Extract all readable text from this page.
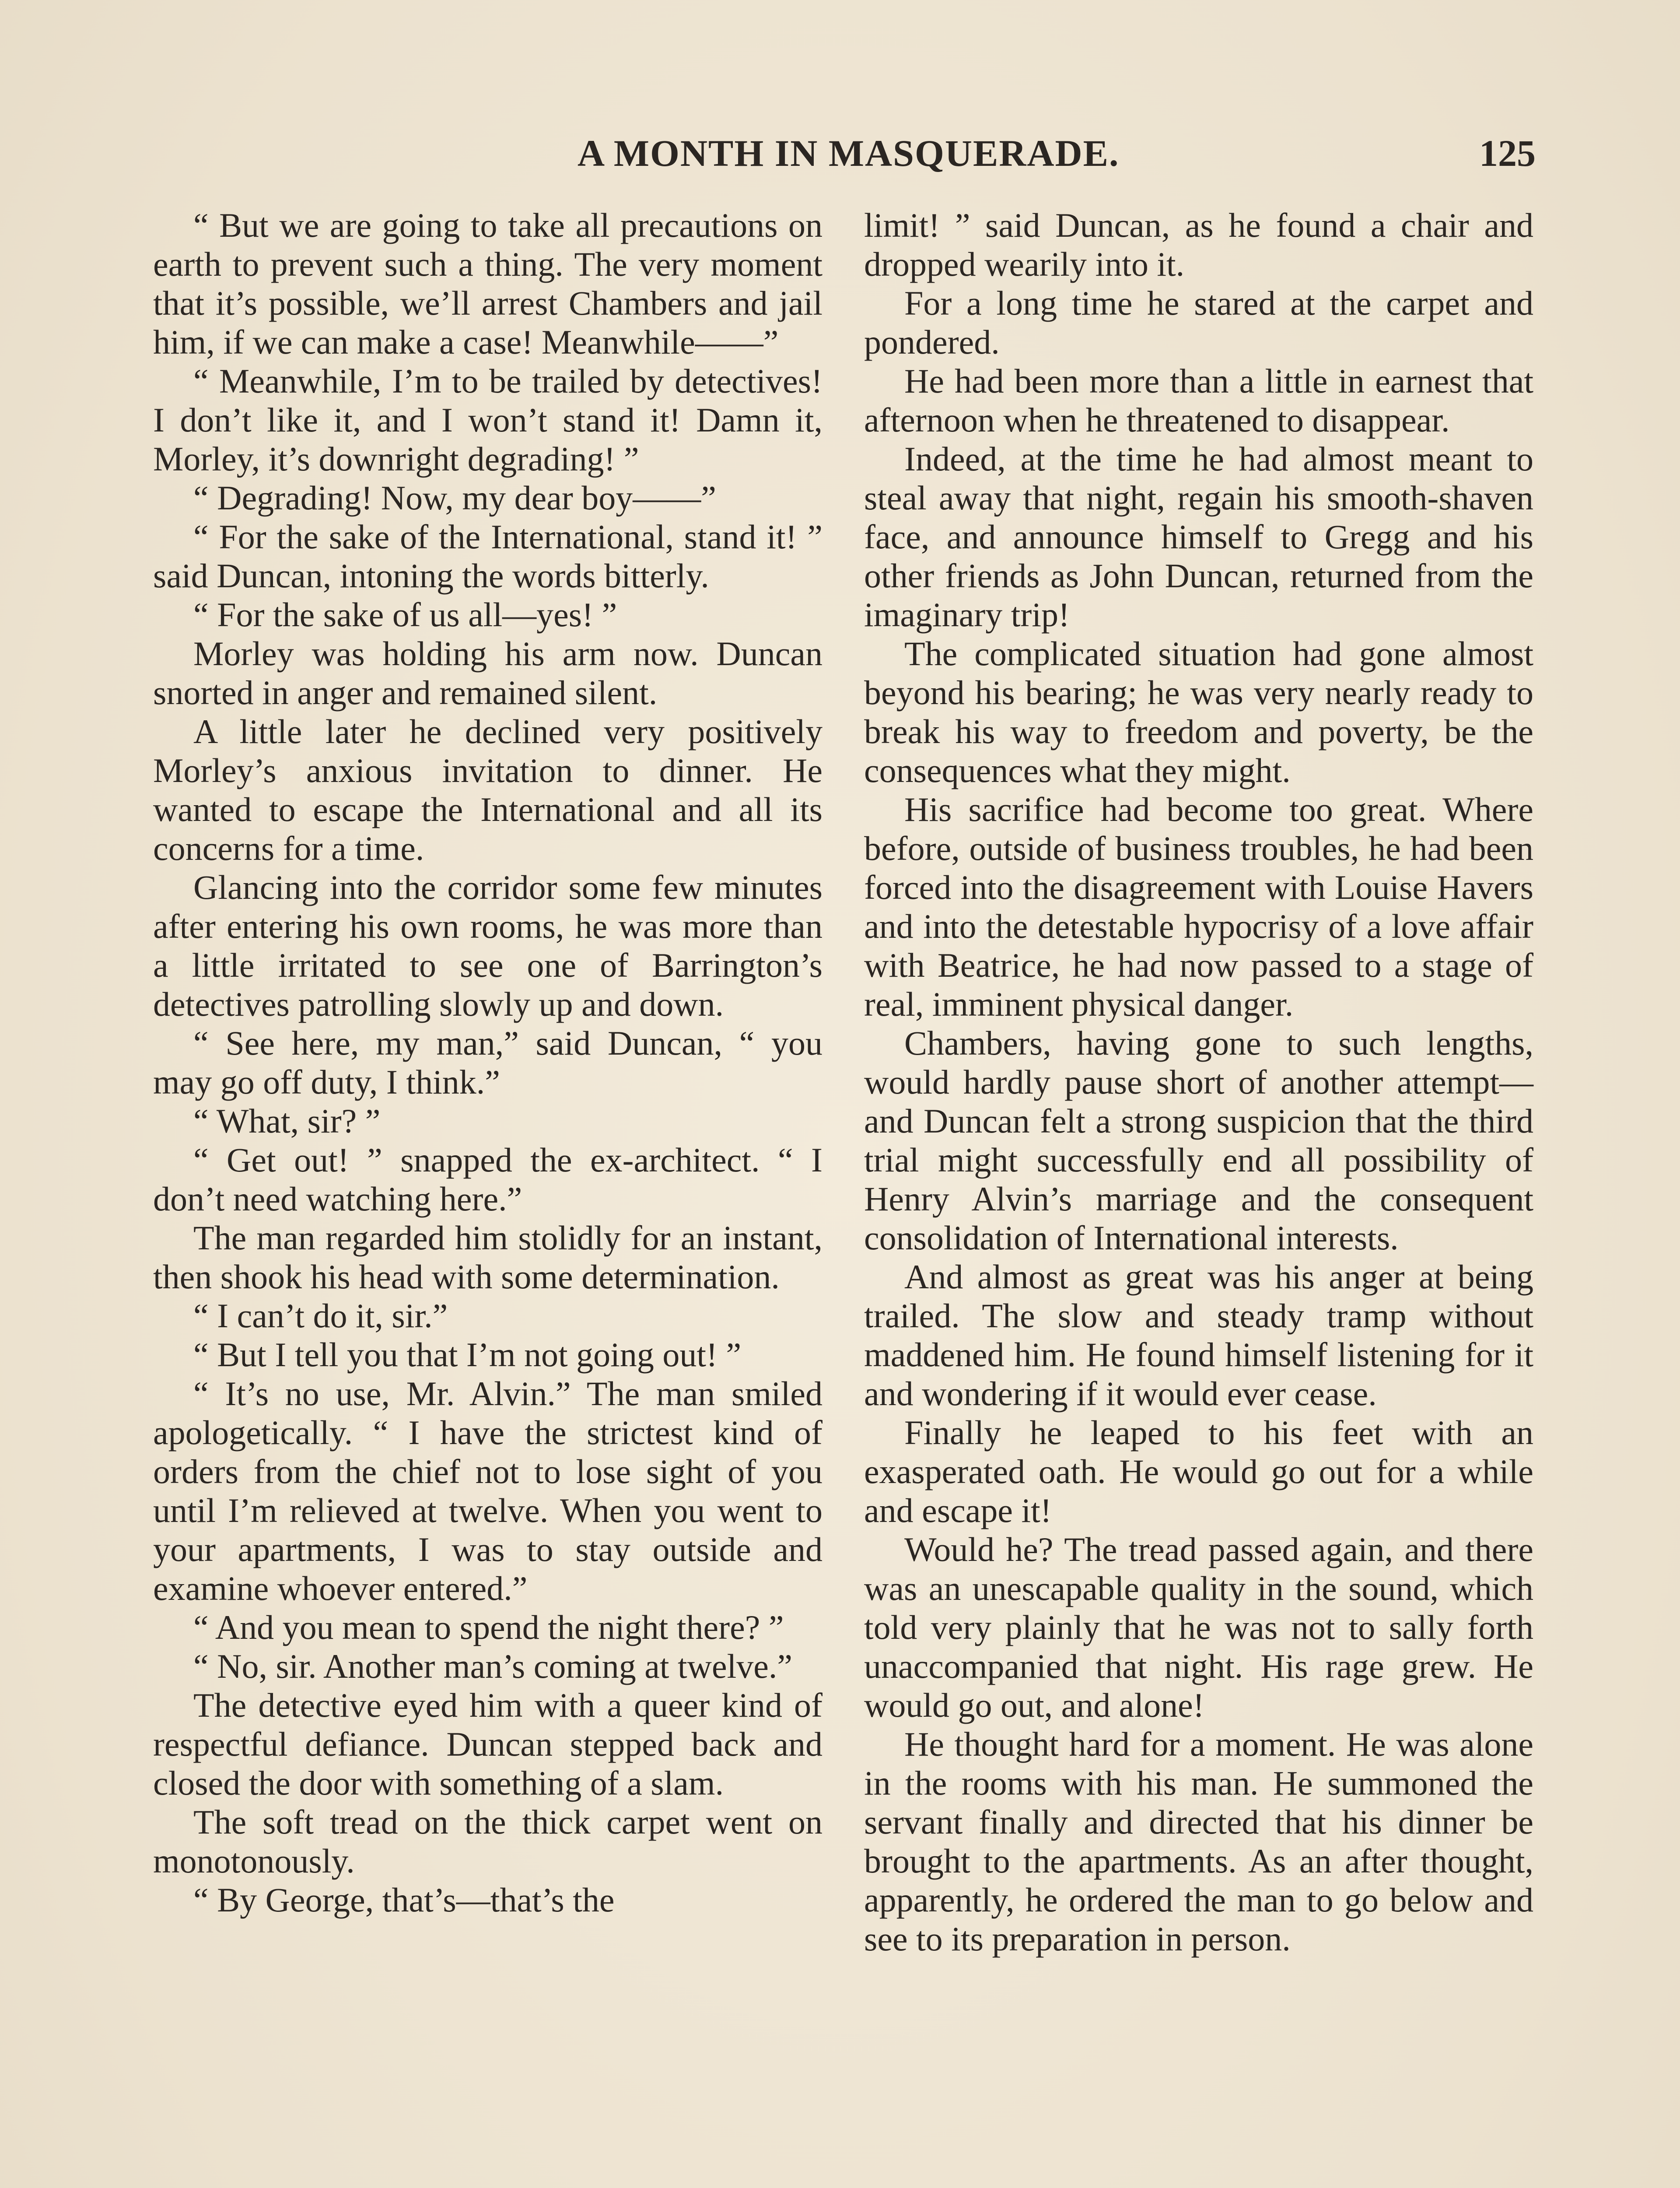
A MONTH IN MASQUERADE.	125

“ But we are going to take all precautions on earth to prevent such a thing. The very moment that it’s possible, we’ll arrest Chambers and jail him, if we can make a case! Meanwhile——”

“ Meanwhile, I’m to be trailed by detectives! I don’t like it, and I won’t stand it! Damn it, Morley, it’s downright degrading! ”

“ Degrading! Now, my dear boy——”

“ For the sake of the International, stand it! ” said Duncan, intoning the words bitterly.

“ For the sake of us all—yes! ”

Morley was holding his arm now. Duncan snorted in anger and remained silent.

A little later he declined very positively Morley’s anxious invitation to dinner. He wanted to escape the International and all its concerns for a time.

Glancing into the corridor some few minutes after entering his own rooms, he was more than a little irritated to see one of Barrington’s detectives patrolling slowly up and down.

“ See here, my man,” said Duncan, “ you may go off duty, I think.”

“ What, sir? ”

“ Get out! ” snapped the ex-architect. “ I don’t need watching here.”

The man regarded him stolidly for an instant, then shook his head with some determination.

“ I can’t do it, sir.”

“ But I tell you that I’m not going out! ”

“ It’s no use, Mr. Alvin.” The man smiled apologetically. “ I have the strictest kind of orders from the chief not to lose sight of you until I’m relieved at twelve. When you went to your apartments, I was to stay outside and examine whoever entered.”

“ And you mean to spend the night there? ”

“ No, sir. Another man’s coming at twelve.”

The detective eyed him with a queer kind of respectful defiance. Duncan stepped back and closed the door with something of a slam.

The soft tread on the thick carpet went on monotonously.

“ By George, that’s—that’s the

limit! ” said Duncan, as he found a chair and dropped wearily into it.

For a long time he stared at the carpet and pondered.

He had been more than a little in earnest that afternoon when he threatened to disappear.

Indeed, at the time he had almost meant to steal away that night, regain his smooth-shaven face, and announce himself to Gregg and his other friends as John Duncan, returned from the imaginary trip!

The complicated situation had gone almost beyond his bearing; he was very nearly ready to break his way to freedom and poverty, be the consequences what they might.

His sacrifice had become too great. Where before, outside of business troubles, he had been forced into the disagreement with Louise Havers and into the detestable hypocrisy of a love affair with Beatrice, he had now passed to a stage of real, imminent physical danger.

Chambers, having gone to such lengths, would hardly pause short of another attempt—and Duncan felt a strong suspicion that the third trial might successfully end all possibility of Henry Alvin’s marriage and the consequent consolidation of International interests.

And almost as great was his anger at being trailed. The slow and steady tramp without maddened him. He found himself listening for it and wondering if it would ever cease.

Finally he leaped to his feet with an exasperated oath. He would go out for a while and escape it!

Would he? The tread passed again, and there was an unescapable quality in the sound, which told very plainly that he was not to sally forth unaccompanied that night. His rage grew. He would go out, and alone!

He thought hard for a moment. He was alone in the rooms with his man. He summoned the servant finally and directed that his dinner be brought to the apartments. As an after thought, apparently, he ordered the man to go below and see to its preparation in person.
